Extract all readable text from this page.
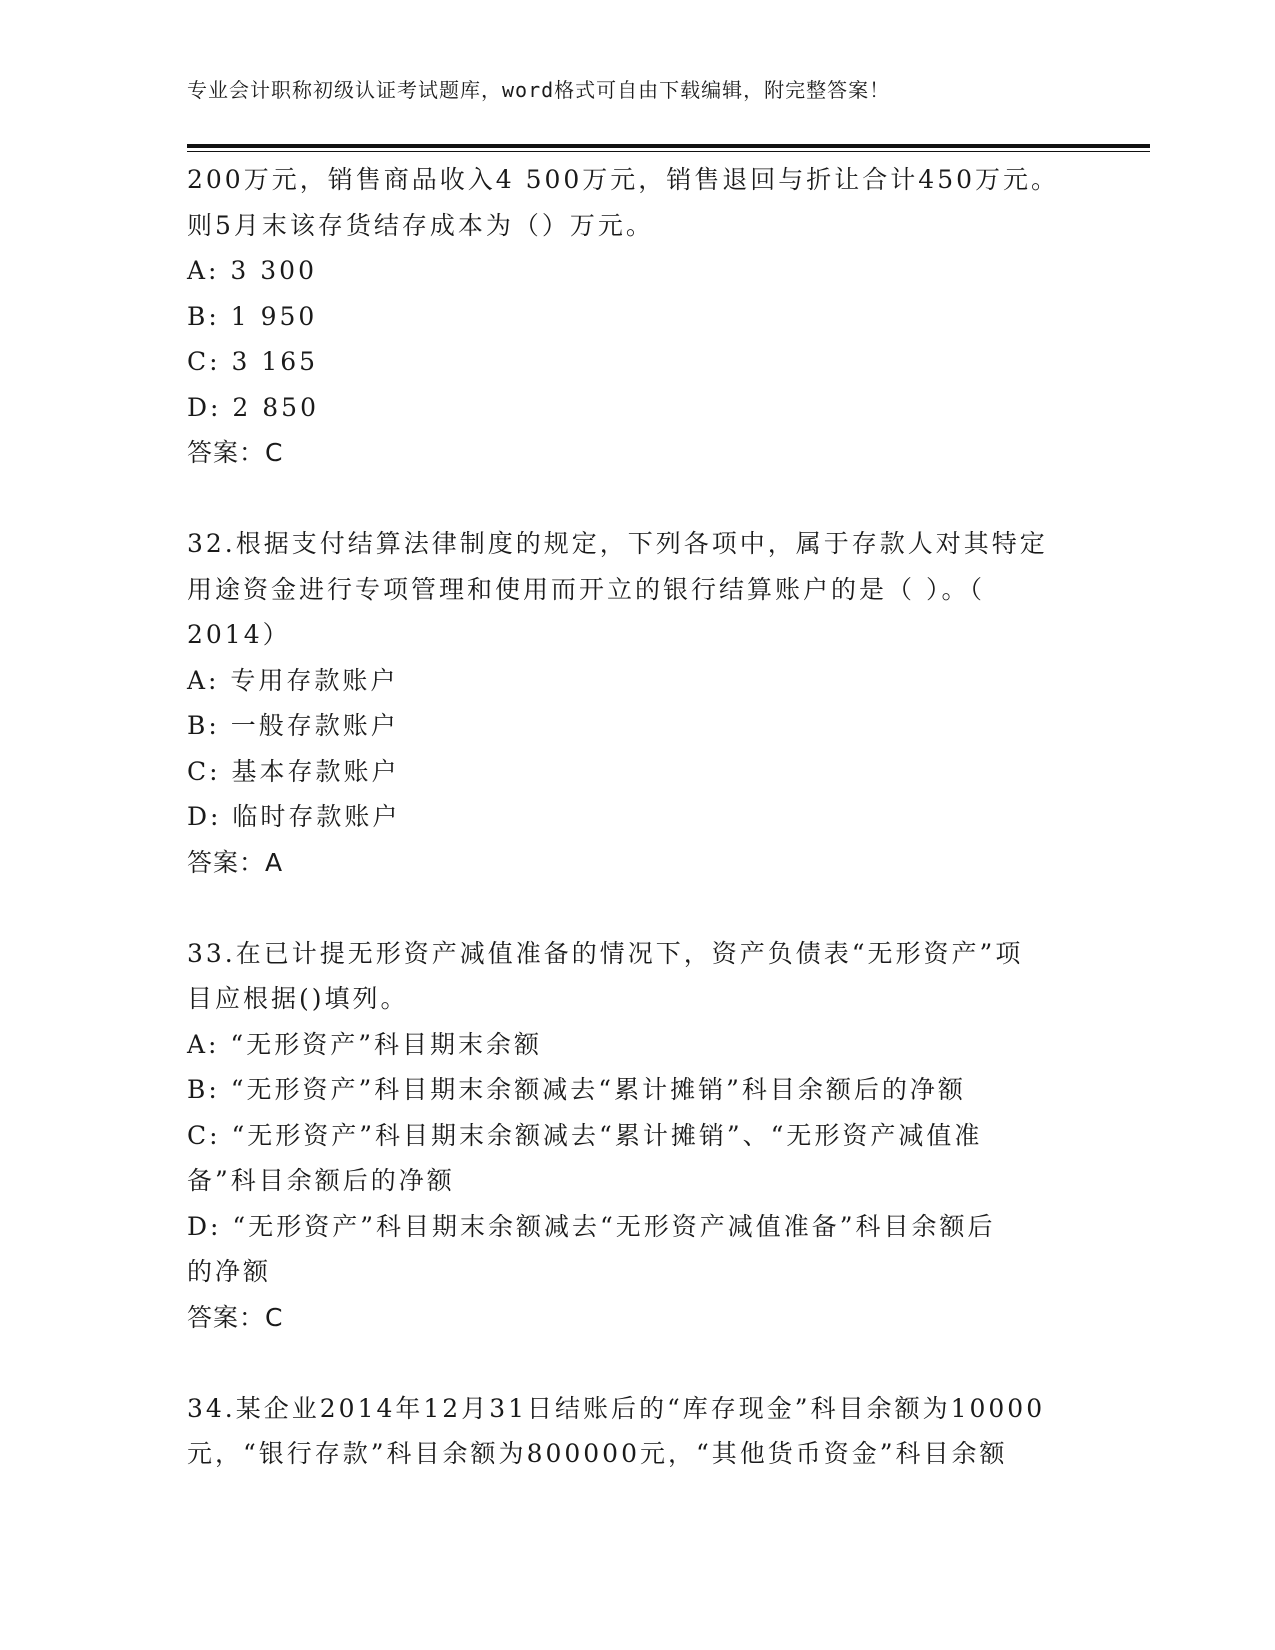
专业会计职称初级认证考试题库，word格式可自由下载编辑，附完整答案！
200万元，销售商品收入4 500万元，销售退回与折让合计450万元。
则5月末该存货结存成本为（）万元。
A: 3 300
B: 1 950
C: 3 165
D: 2 850
答案：C
32.根据支付结算法律制度的规定，下列各项中，属于存款人对其特定
用途资金进行专项管理和使用而开立的银行结算账户的是（ ）。（
2014）
A: 专用存款账户
B: 一般存款账户
C: 基本存款账户
D: 临时存款账户
答案：A
33.在已计提无形资产减值准备的情况下，资产负债表“无形资产”项
目应根据()填列。
A: “无形资产”科目期末余额
B: “无形资产”科目期末余额减去“累计摊销”科目余额后的净额
C: “无形资产”科目期末余额减去“累计摊销”、“无形资产减值准
备”科目余额后的净额
D: “无形资产”科目期末余额减去“无形资产减值准备”科目余额后
的净额
答案：C
34.某企业2014年12月31日结账后的“库存现金”科目余额为10000
元，“银行存款”科目余额为800000元，“其他货币资金”科目余额
